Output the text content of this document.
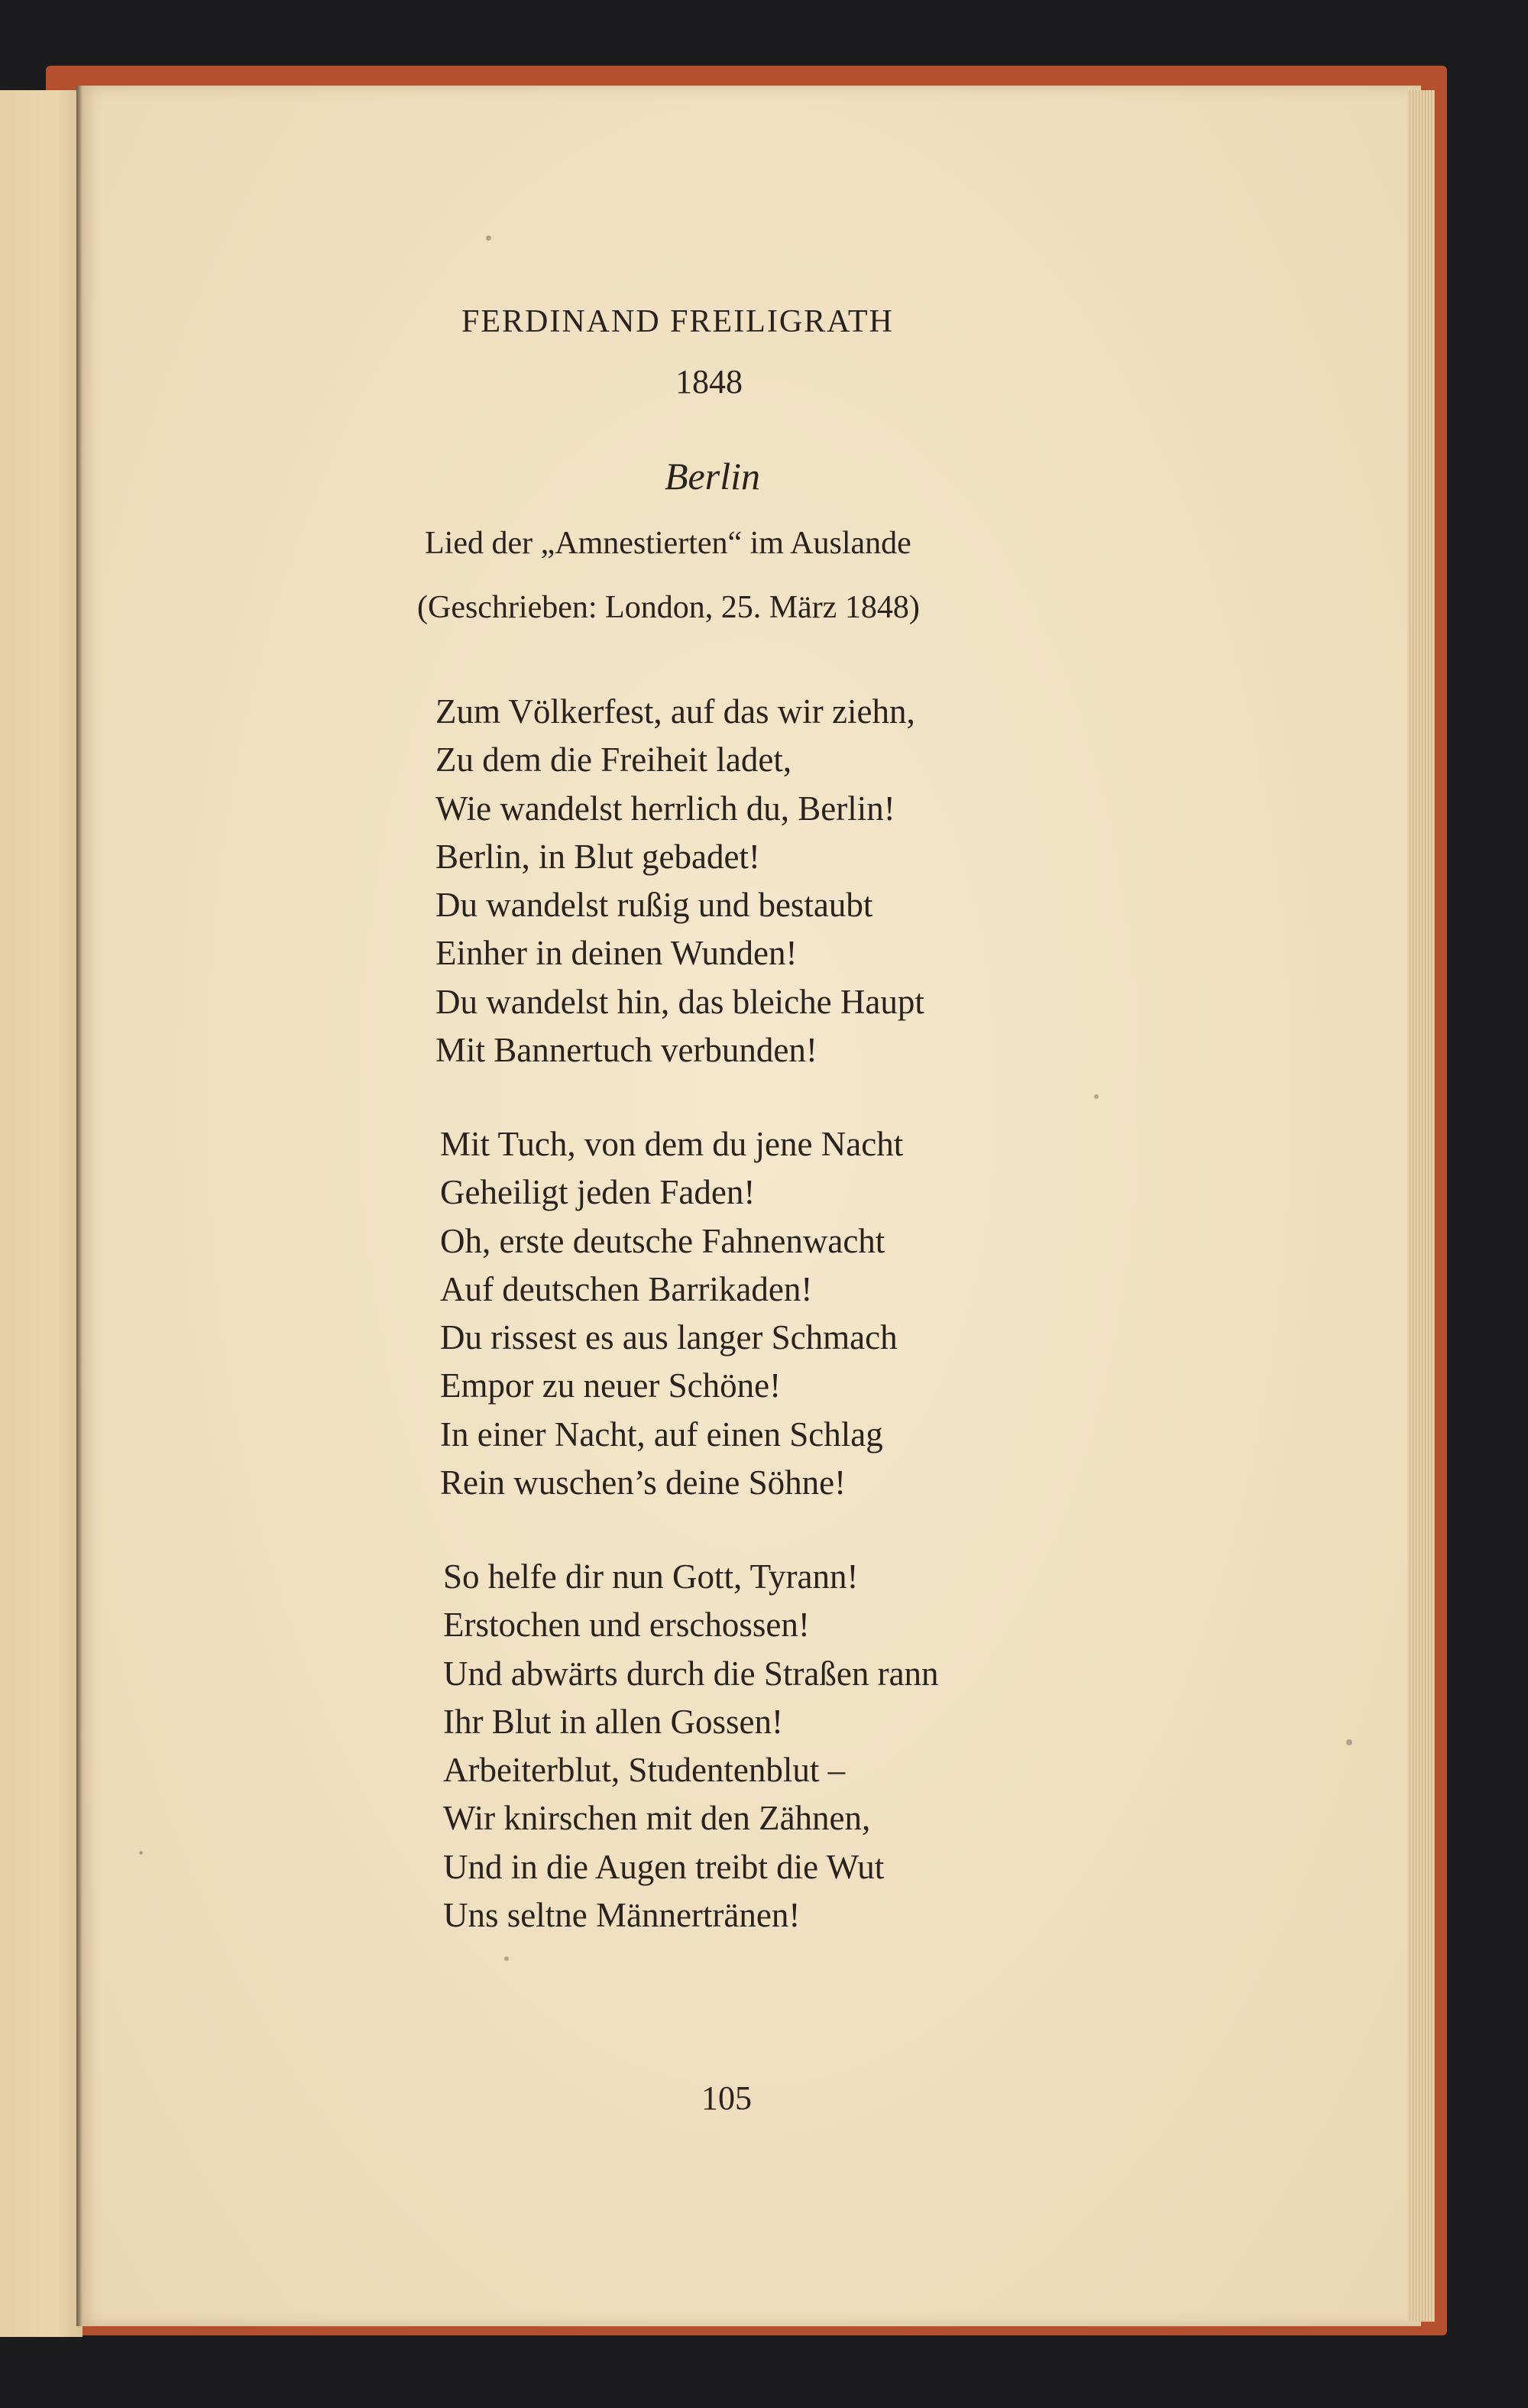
FERDINAND FREILIGRATH

1848

Berlin

Lied der „Amnestierten“ im Auslande

(Geschrieben: London, 25. März 1848)

Zum Völkerfest, auf das wir ziehn,
Zu dem die Freiheit ladet,
Wie wandelst herrlich du, Berlin!
Berlin, in Blut gebadet!
Du wandelst rußig und bestaubt
Einher in deinen Wunden!
Du wandelst hin, das bleiche Haupt
Mit Bannertuch verbunden!
Mit Tuch, von dem du jene Nacht
Geheiligt jeden Faden!
Oh, erste deutsche Fahnenwacht
Auf deutschen Barrikaden!
Du rissest es aus langer Schmach
Empor zu neuer Schöne!
In einer Nacht, auf einen Schlag
Rein wuschen’s deine Söhne!
So helfe dir nun Gott, Tyrann!
Erstochen und erschossen!
Und abwärts durch die Straßen rann
Ihr Blut in allen Gossen!
Arbeiterblut, Studentenblut –
Wir knirschen mit den Zähnen,
Und in die Augen treibt die Wut
Uns seltne Männertränen!

105
